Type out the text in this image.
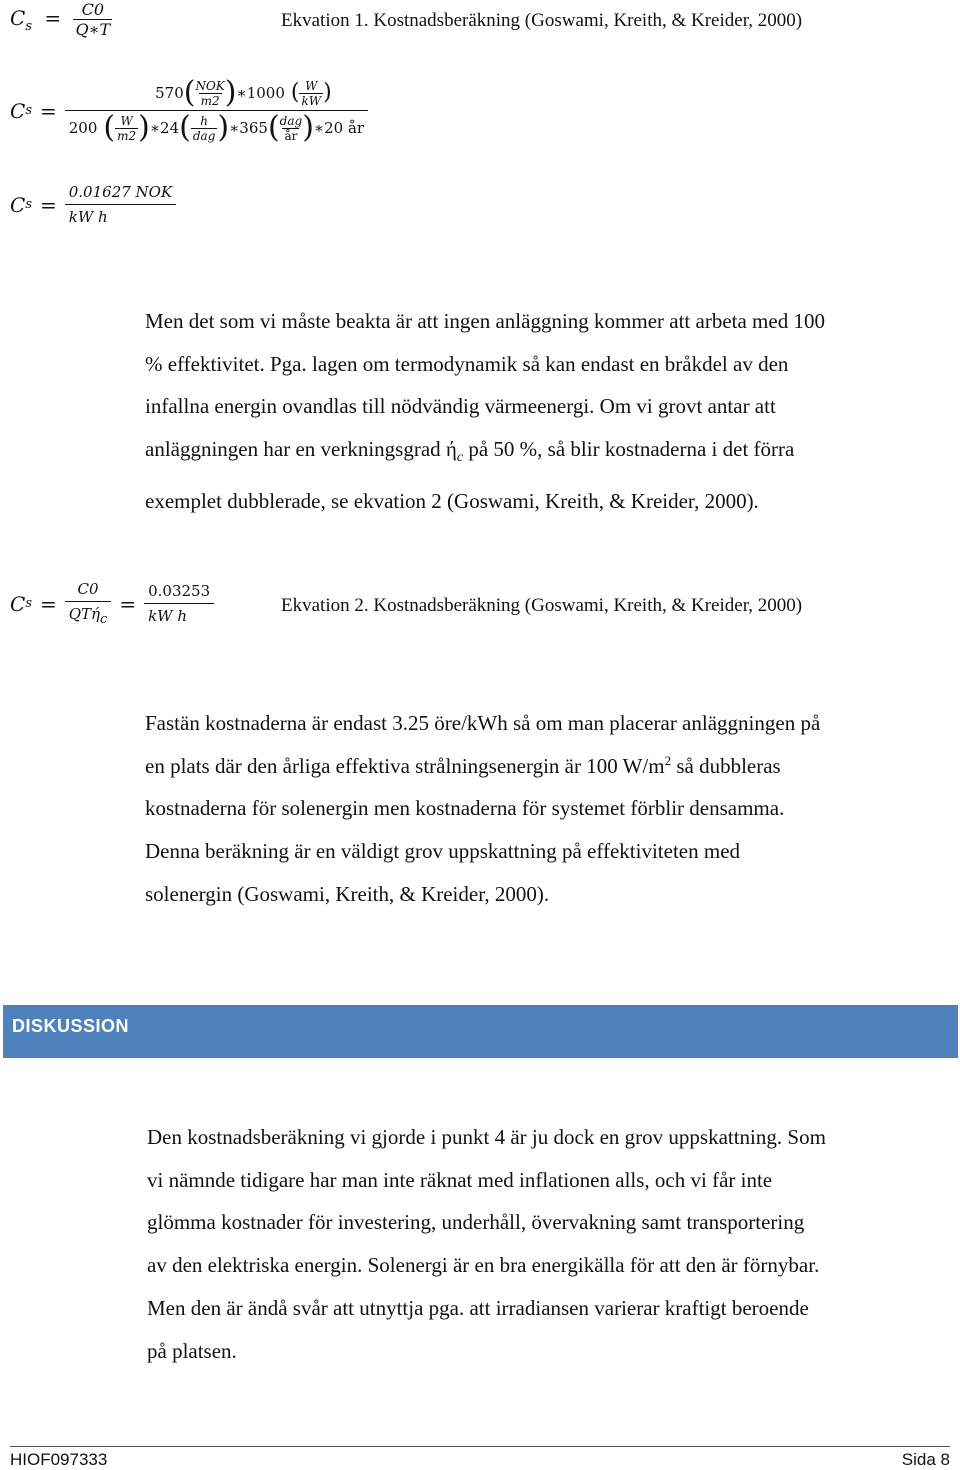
$C_s = \frac{C0}{Q∗T}$	Ekvation 1. Kostnadsberäkning (Goswami, Kreith, & Kreider, 2000)
C s =
570 ( $\frac{\text{NOK}}{m2}$ ) ∗1000 ( $\frac{W}{kW}$ )
200 ( $\frac{W}{m2}$ ) ∗24 ( $\frac{h}{\text{dag}}$ ) ∗365 ( $\frac{\text{dag}}{år}$ ) ∗20 år
C $s = \frac{\text{0.01627 NOK}}{\text{kW h}}$
Men det som vi måste beakta är att ingen anläggning kommer att arbeta med 100
% effektivitet. Pga. lagen om termodynamik så kan endast en bråkdel av den
infallna energin ovandlas till nödvändig värmeenergi. Om vi grovt antar att
anläggningen har en verkningsgrad $ή_c$ på 50 %, så blir kostnaderna i det förra
exemplet dubblerade, se ekvation 2 (Goswami, Kreith, & Kreider, 2000).
C $s = \frac{C0}{QTή_c} = \frac{0.03253}{\text{kW h}}$	Ekvation 2. Kostnadsberäkning (Goswami, Kreith, & Kreider, 2000)
Fastän kostnaderna är endast 3.25 öre/kWh så om man placerar anläggningen på
en plats där den årliga effektiva strålningsenergin är 100 $W/m^2$ så dubbleras
kostnaderna för solenergin men kostnaderna för systemet förblir densamma.
Denna beräkning är en väldigt grov uppskattning på effektiviteten med
solenergin (Goswami, Kreith, & Kreider, 2000).
DISKUSSION
Den kostnadsberäkning vi gjorde i punkt 4 är ju dock en grov uppskattning. Som
vi nämnde tidigare har man inte räknat med inflationen alls, och vi får inte
glömma kostnader för investering, underhåll, övervakning samt transportering
av den elektriska energin. Solenergi är en bra energikälla för att den är förnybar.
Men den är ändå svår att utnyttja pga. att irradiansen varierar kraftigt beroende
på platsen.
HIOF097333	Sida 8
